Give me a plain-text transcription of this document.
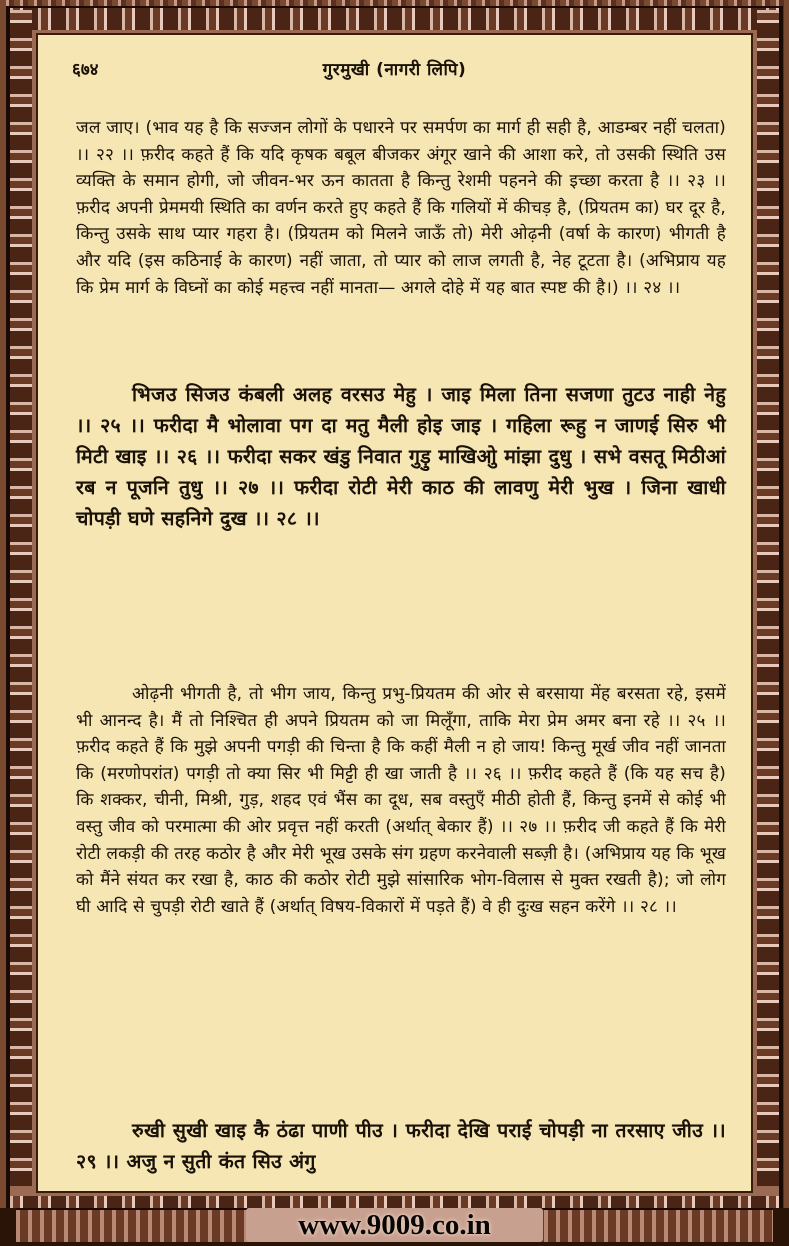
६७४	गुरमुखी (नागरी लिपि)

जल जाए। (भाव यह है कि सज्जन लोगों के पधारने पर समर्पण का मार्ग ही सही है, आडम्बर नहीं चलता) ।। २२ ।। फ़रीद कहते हैं कि यदि कृषक बबूल बीजकर अंगूर खाने की आशा करे, तो उसकी स्थिति उस व्यक्ति के समान होगी, जो जीवन-भर ऊन कातता है किन्तु रेशमी पहनने की इच्छा करता है ।। २३ ।। फ़रीद अपनी प्रेममयी स्थिति का वर्णन करते हुए कहते हैं कि गलियों में कीचड़ है, (प्रियतम का) घर दूर है, किन्तु उसके साथ प्यार गहरा है। (प्रियतम को मिलने जाऊँ तो) मेरी ओढ़नी (वर्षा के कारण) भीगती है और यदि (इस कठिनाई के कारण) नहीं जाता, तो प्यार को लाज लगती है, नेह टूटता है। (अभिप्राय यह कि प्रेम मार्ग के विघ्नों का कोई महत्त्व नहीं मानता— अगले दोहे में यह बात स्पष्ट की है।) ।। २४ ।।

भिजउ सिजउ कंबली अलह वरसउ मेहु । जाइ मिला तिना सजणा तुटउ नाही नेहु ।। २५ ।। फरीदा मै भोलावा पग दा मतु मैली होइ जाइ । गहिला रूहु न जाणई सिरु भी मिटी खाइ ।। २६ ।। फरीदा सकर खंडु निवात गुड़ु माखिओु मांझा दुधु । सभे वसतू मिठीआं रब न पूजनि तुधु ।। २७ ।। फरीदा रोटी मेरी काठ की लावणु मेरी भुख । जिना खाधी चोपड़ी घणे सहनिगे दुख ।। २८ ।।

ओढ़नी भीगती है, तो भीग जाय, किन्तु प्रभु-प्रियतम की ओर से बरसाया मेंह बरसता रहे, इसमें भी आनन्द है। मैं तो निश्चित ही अपने प्रियतम को जा मिलूँगा, ताकि मेरा प्रेम अमर बना रहे ।। २५ ।। फ़रीद कहते हैं कि मुझे अपनी पगड़ी की चिन्ता है कि कहीं मैली न हो जाय! किन्तु मूर्ख जीव नहीं जानता कि (मरणोपरांत) पगड़ी तो क्या सिर भी मिट्टी ही खा जाती है ।। २६ ।। फ़रीद कहते हैं (कि यह सच है) कि शक्कर, चीनी, मिश्री, गुड़, शहद एवं भैंस का दूध, सब वस्तुएँ मीठी होती हैं, किन्तु इनमें से कोई भी वस्तु जीव को परमात्मा की ओर प्रवृत्त नहीं करती (अर्थात् बेकार हैं) ।। २७ ।। फ़रीद जी कहते हैं कि मेरी रोटी लकड़ी की तरह कठोर है और मेरी भूख उसके संग ग्रहण करनेवाली सब्ज़ी है। (अभिप्राय यह कि भूख को मैंने संयत कर रखा है, काठ की कठोर रोटी मुझे सांसारिक भोग-विलास से मुक्त रखती है); जो लोग घी आदि से चुपड़ी रोटी खाते हैं (अर्थात् विषय-विकारों में पड़ते हैं) वे ही दुःख सहन करेंगे ।। २८ ।।

रुखी सुखी खाइ कै ठंढा पाणी पीउ । फरीदा देखि पराई चोपड़ी ना तरसाए जीउ ।। २९ ।। अजु न सुती कंत सिउ अंगु

www.9009.co.in
